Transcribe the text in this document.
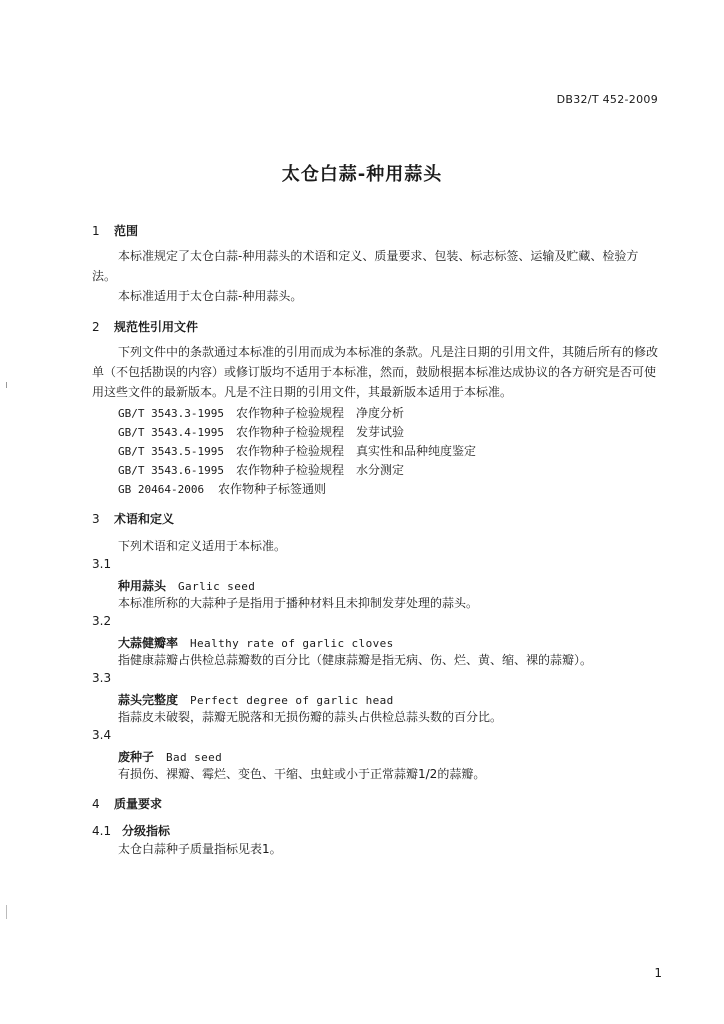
DB32/T 452-2009
太仓白蒜-种用蒜头
1 范围
本标准规定了太仓白蒜-种用蒜头的术语和定义、质量要求、包装、标志标签、运输及贮藏、检验方法。
本标准适用于太仓白蒜-种用蒜头。
2 规范性引用文件
下列文件中的条款通过本标准的引用而成为本标准的条款。凡是注日期的引用文件，其随后所有的修改单（不包括勘误的内容）或修订版均不适用于本标准，然而，鼓励根据本标准达成协议的各方研究是否可使用这些文件的最新版本。凡是不注日期的引用文件，其最新版本适用于本标准。
GB/T 3543.3-1995 农作物种子检验规程　净度分析
GB/T 3543.4-1995 农作物种子检验规程　发芽试验
GB/T 3543.5-1995 农作物种子检验规程　真实性和品种纯度鉴定
GB/T 3543.6-1995 农作物种子检验规程　水分测定
GB 20464-2006 农作物种子标签通则
3 术语和定义
下列术语和定义适用于本标准。
3.1
种用蒜头 Garlic seed
本标准所称的大蒜种子是指用于播种材料且未抑制发芽处理的蒜头。
3.2
大蒜健瓣率 Healthy rate of garlic cloves
指健康蒜瓣占供检总蒜瓣数的百分比（健康蒜瓣是指无病、伤、烂、黄、缩、裸的蒜瓣）。
3.3
蒜头完整度 Perfect degree of garlic head
指蒜皮未破裂，蒜瓣无脱落和无损伤瓣的蒜头占供检总蒜头数的百分比。
3.4
废种子 Bad seed
有损伤、裸瓣、霉烂、变色、干缩、虫蛀或小于正常蒜瓣1/2的蒜瓣。
4 质量要求
4.1 分级指标
太仓白蒜种子质量指标见表1。
1
